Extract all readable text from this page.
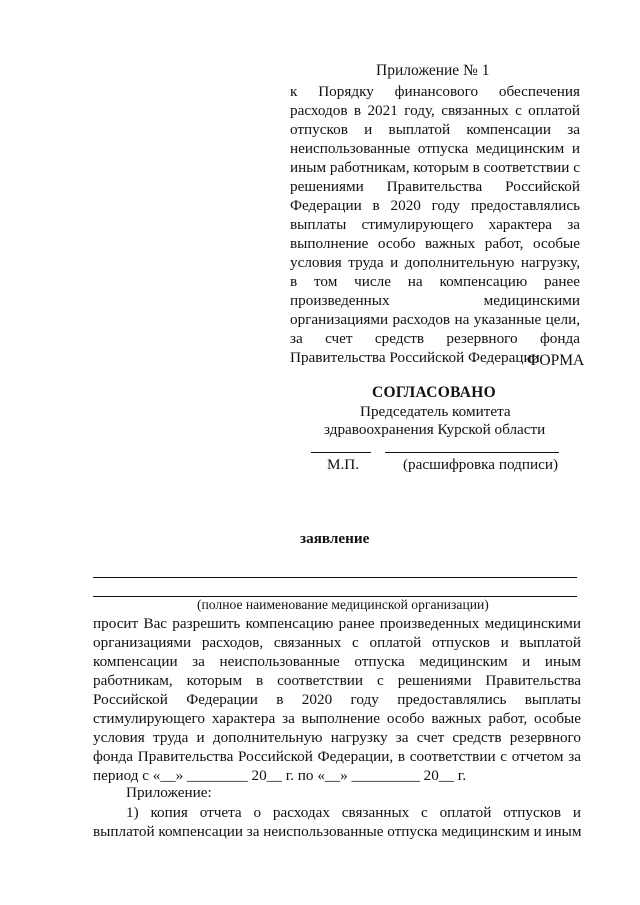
Приложение № 1
к Порядку финансового обеспечения
расходов в 2021 году, связанных с оплатой
отпусков и выплатой компенсации за
неиспользованные отпуска медицинским и
иным работникам, которым в соответствии с
решениями Правительства Российской
Федерации в 2020 году предоставлялись
выплаты стимулирующего характера за
выполнение особо важных работ, особые
условия труда и дополнительную нагрузку,
в том числе на компенсацию ранее
произведенных медицинскими
организациями расходов на указанные цели,
за счет средств резервного фонда
Правительства Российской Федерации
ФОРМА
СОГЛАСОВАНО
Председатель комитета
здравоохранения Курской области
М.П.	(расшифровка подписи)
заявление
(полное наименование медицинской организации)
просит Вас разрешить компенсацию ранее произведенных медицинскими
организациями расходов, связанных с оплатой отпусков и выплатой
компенсации за неиспользованные отпуска медицинским и иным
работникам, которым в соответствии с решениями Правительства
Российской Федерации в 2020 году предоставлялись выплаты
стимулирующего характера за выполнение особо важных работ, особые
условия труда и дополнительную нагрузку за счет средств резервного
фонда Правительства Российской Федерации, в соответствии с отчетом за
период с «__» ________ 20__ г. по «__» _________ 20__ г.
Приложение:
1) копия отчета о расходах связанных с оплатой отпусков и
выплатой компенсации за неиспользованные отпуска медицинским и иным
